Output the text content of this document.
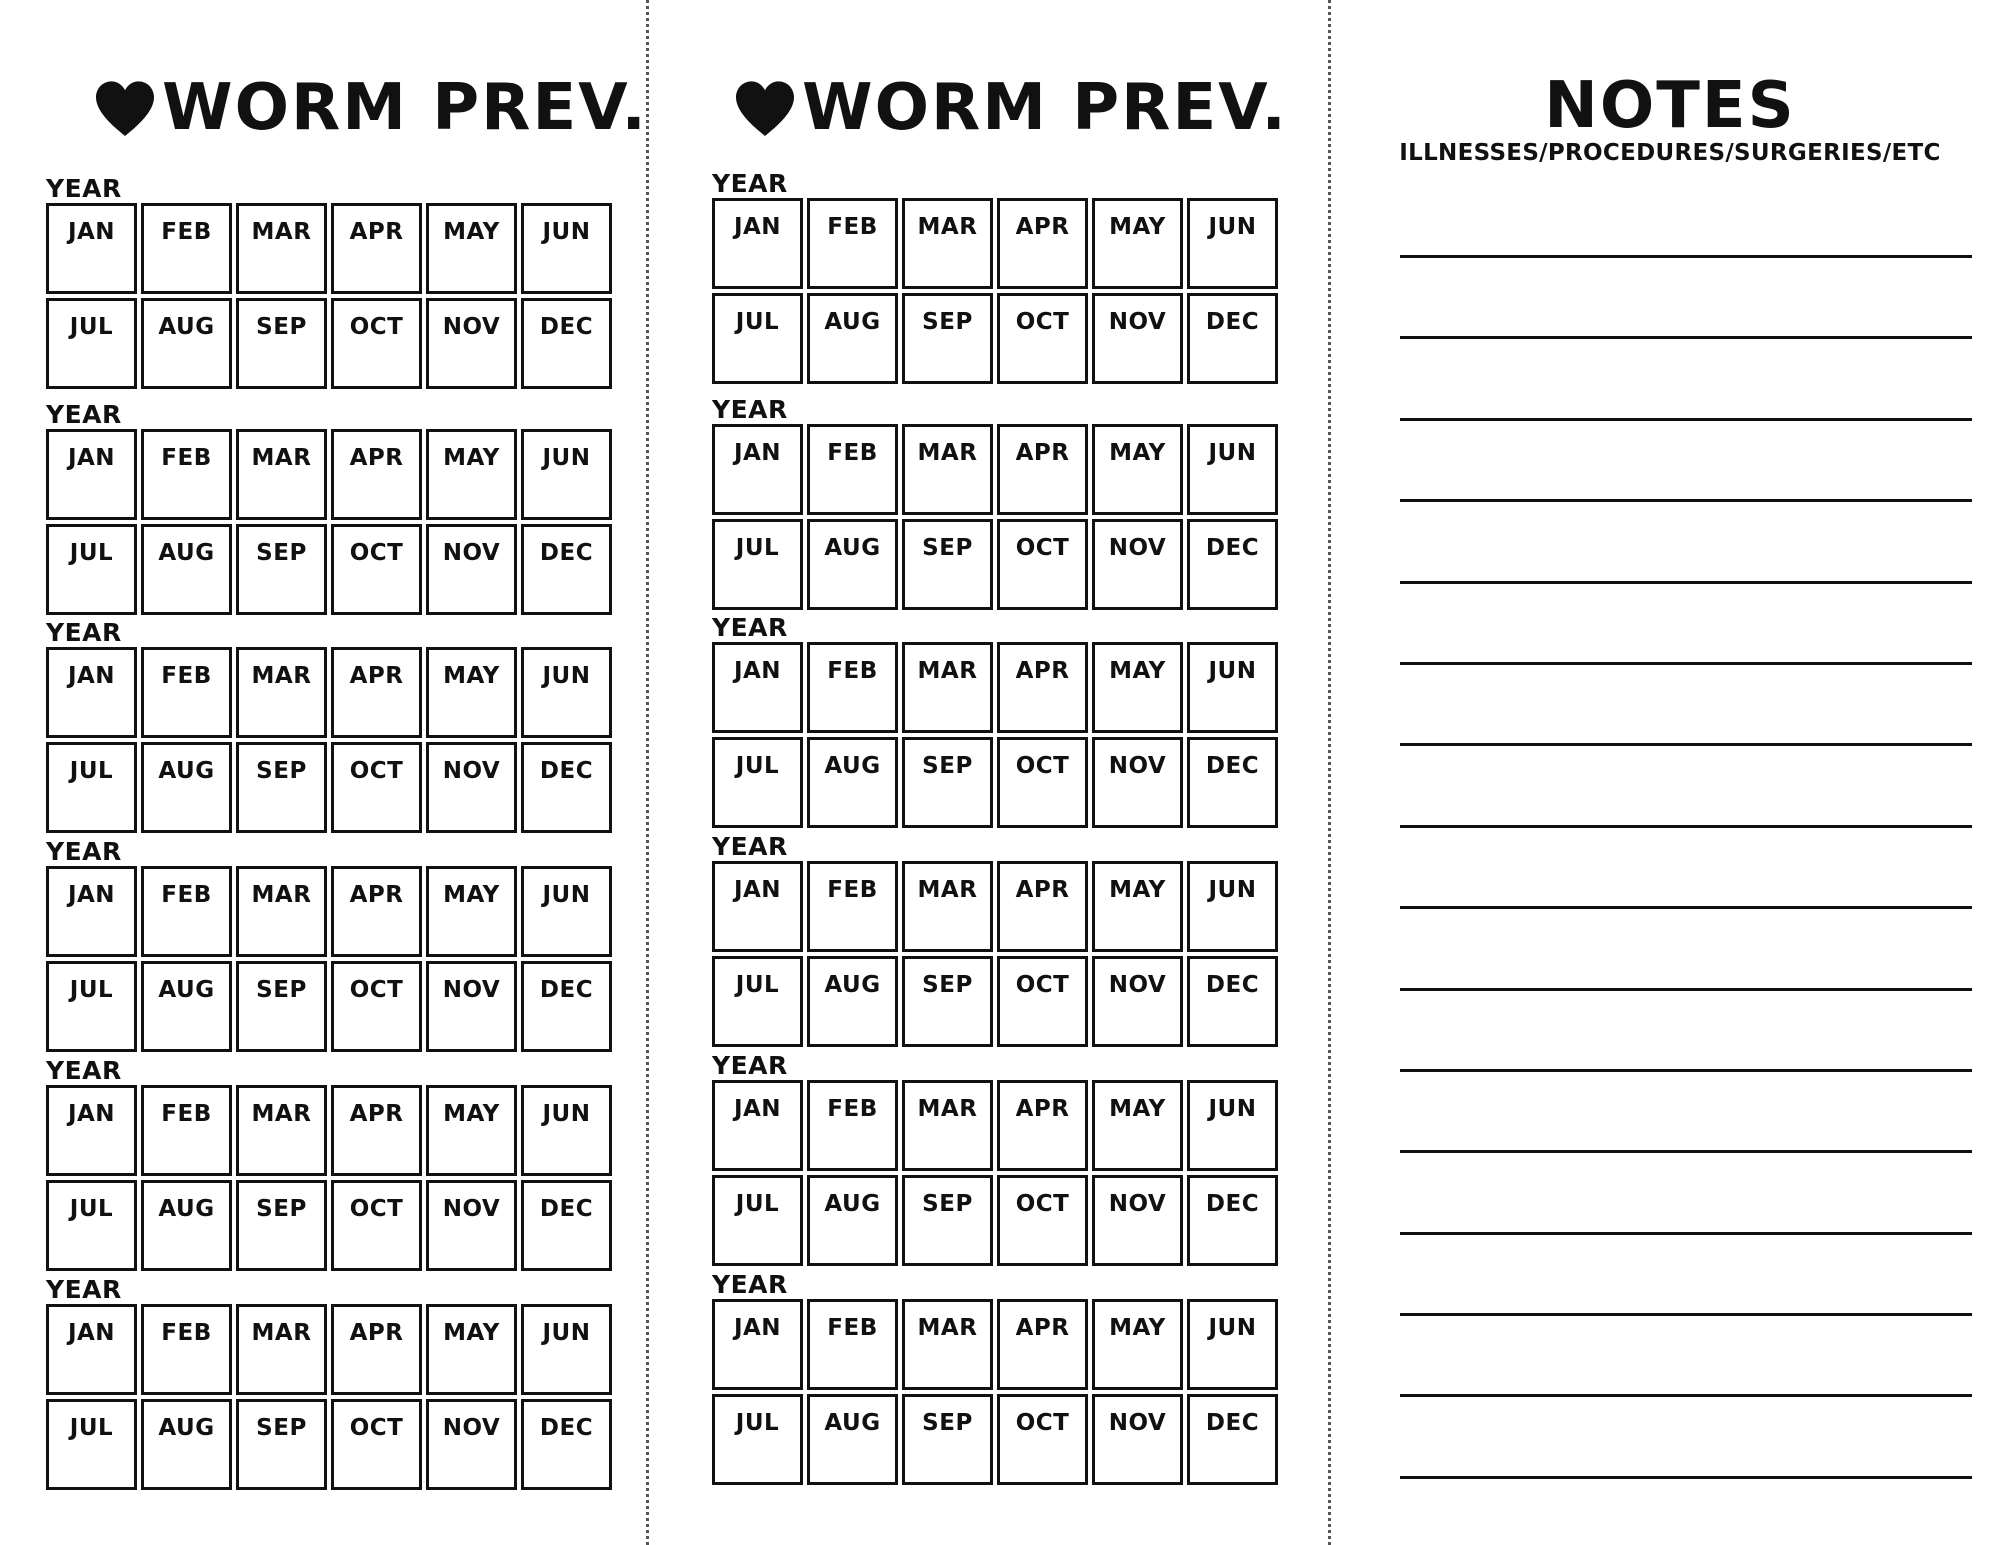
WORM PREV.
YEAR
JAN	FEB	MAR	APR	MAY	JUN
JUL	AUG	SEP	OCT	NOV	DEC
YEAR
JAN	FEB	MAR	APR	MAY	JUN
JUL	AUG	SEP	OCT	NOV	DEC
YEAR
JAN	FEB	MAR	APR	MAY	JUN
JUL	AUG	SEP	OCT	NOV	DEC
YEAR
JAN	FEB	MAR	APR	MAY	JUN
JUL	AUG	SEP	OCT	NOV	DEC
YEAR
JAN	FEB	MAR	APR	MAY	JUN
JUL	AUG	SEP	OCT	NOV	DEC
YEAR
JAN	FEB	MAR	APR	MAY	JUN
JUL	AUG	SEP	OCT	NOV	DEC
WORM PREV.
YEAR
JAN	FEB	MAR	APR	MAY	JUN
JUL	AUG	SEP	OCT	NOV	DEC
YEAR
JAN	FEB	MAR	APR	MAY	JUN
JUL	AUG	SEP	OCT	NOV	DEC
YEAR
JAN	FEB	MAR	APR	MAY	JUN
JUL	AUG	SEP	OCT	NOV	DEC
YEAR
JAN	FEB	MAR	APR	MAY	JUN
JUL	AUG	SEP	OCT	NOV	DEC
YEAR
JAN	FEB	MAR	APR	MAY	JUN
JUL	AUG	SEP	OCT	NOV	DEC
YEAR
JAN	FEB	MAR	APR	MAY	JUN
JUL	AUG	SEP	OCT	NOV	DEC
NOTES
ILLNESSES/PROCEDURES/SURGERIES/ETC
